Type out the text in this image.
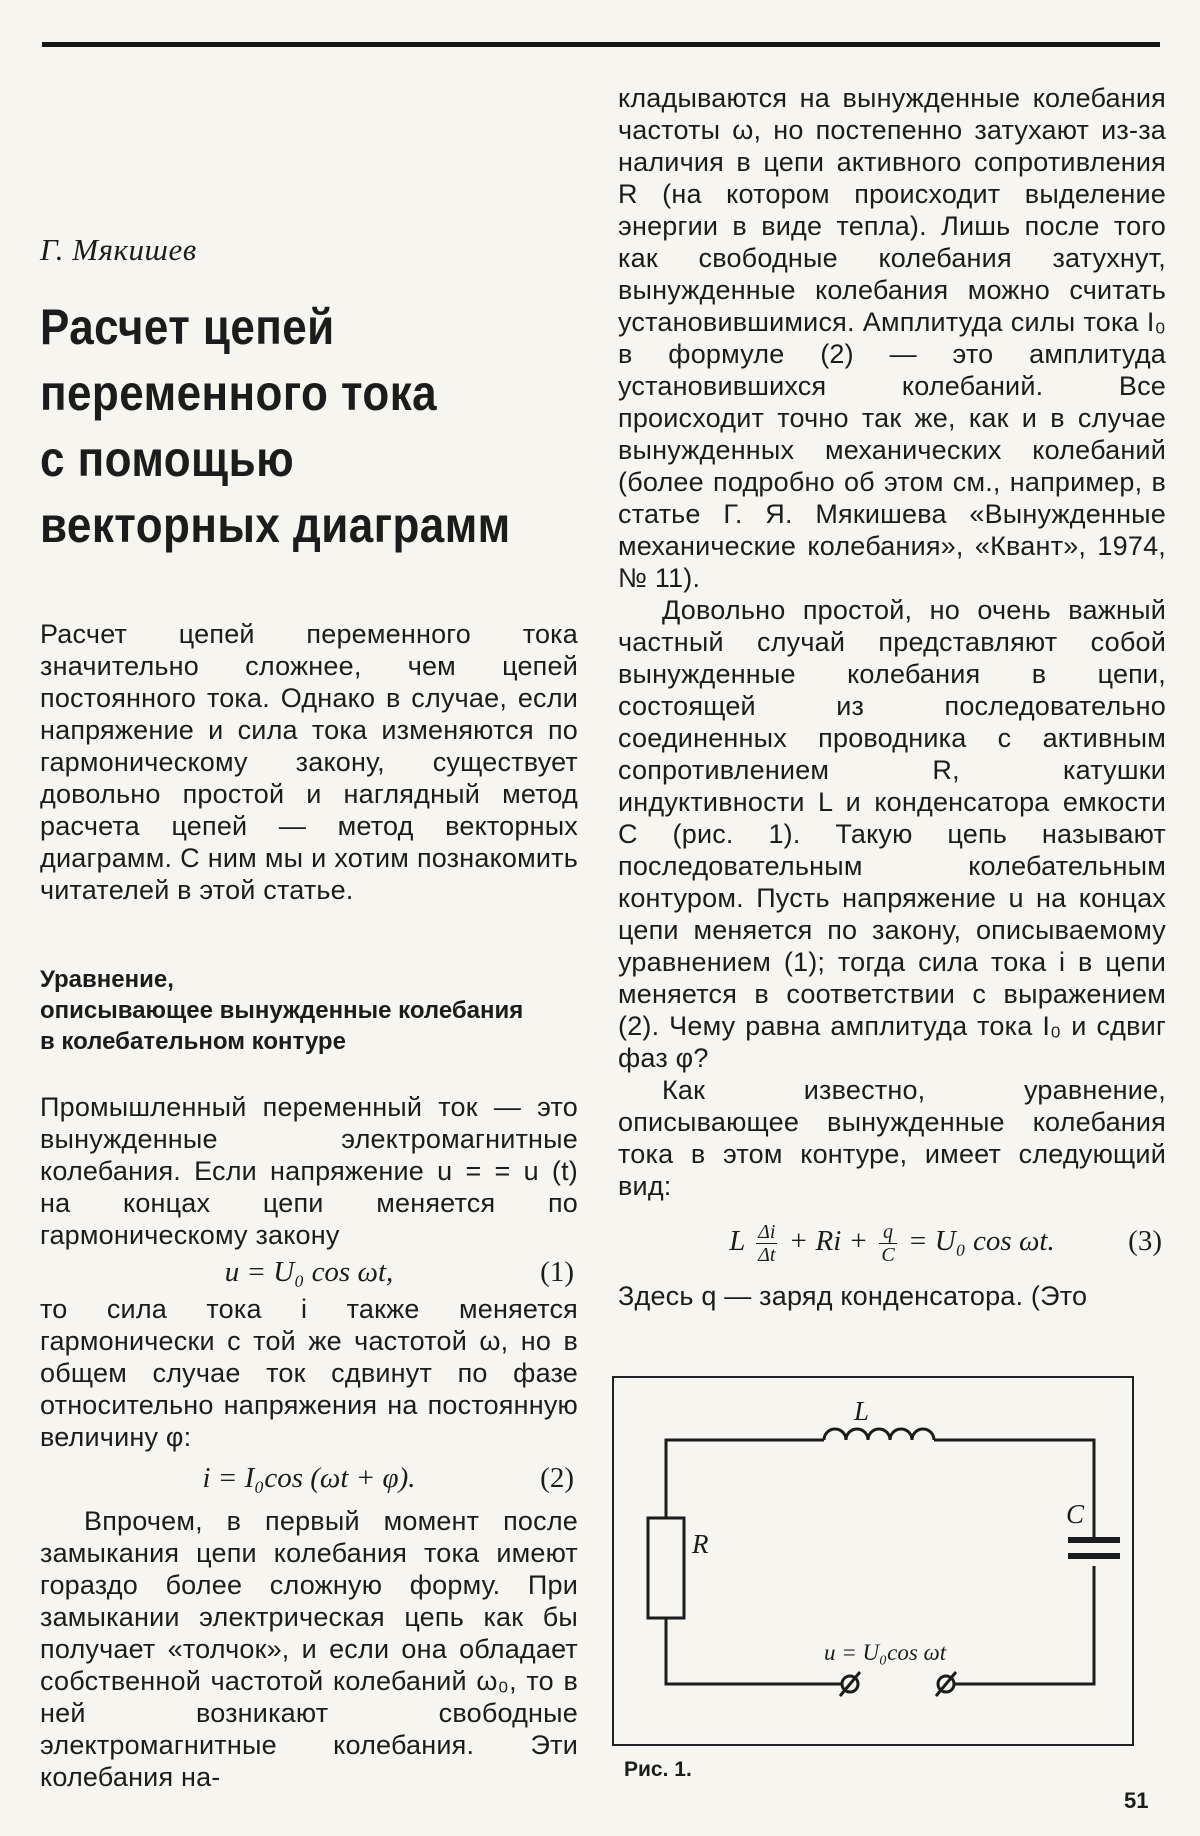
Г. Мякишев
Расчет цепей
переменного тока
с помощью
векторных диаграмм

Расчет цепей переменного тока значительно сложнее, чем цепей постоянного тока. Однако в случае, если напряжение и сила тока изменяются по гармоническому закону, существует довольно простой и наглядный метод расчета цепей — метод векторных диаграмм. С ним мы и хотим познакомить читателей в этой статье.

Уравнение,
описывающее вынужденные колебания
в колебательном контуре

Промышленный переменный ток — это вынужденные электромагнитные колебания. Если напряжение u = = u (t) на концах цепи меняется по гармоническому закону

u = U₀ cos ωt,	(1)

то сила тока i также меняется гармонически с той же частотой ω, но в общем случае ток сдвинут по фазе относительно напряжения на постоянную величину φ:

i = I₀cos (ωt + φ).	(2)

Впрочем, в первый момент после замыкания цепи колебания тока имеют гораздо более сложную форму. При замыкании электрическая цепь как бы получает «толчок», и если она обладает собственной частотой колебаний ω₀, то в ней возникают свободные электромагнитные колебания. Эти колебания на-

кладываются на вынужденные колебания частоты ω, но постепенно затухают из-за наличия в цепи активного сопротивления R (на котором происходит выделение энергии в виде тепла). Лишь после того как свободные колебания затухнут, вынужденные колебания можно считать установившимися. Амплитуда силы тока I₀ в формуле (2) — это амплитуда установившихся колебаний. Все происходит точно так же, как и в случае вынужденных механических колебаний (более подробно об этом см., например, в статье Г. Я. Мякишева «Вынужденные механические колебания», «Квант», 1974, № 11).

Довольно простой, но очень важный частный случай представляют собой вынужденные колебания в цепи, состоящей из последовательно соединенных проводника с активным сопротивлением R, катушки индуктивности L и конденсатора емкости C (рис. 1). Такую цепь называют последовательным колебательным контуром. Пусть напряжение u на концах цепи меняется по закону, описываемому уравнением (1); тогда сила тока i в цепи меняется в соответствии с выражением (2). Чему равна амплитуда тока I₀ и сдвиг фаз φ?

Как известно, уравнение, описывающее вынужденные колебания тока в этом контуре, имеет следующий вид:

L $\frac{\Delta i}{\Delta t} + Ri + \frac{q}{C} = U_0$ cos ωt.	(3)

Здесь q — заряд конденсатора. (Это

L
R
C
u = U₀cos ωt
Рис. 1.
51
